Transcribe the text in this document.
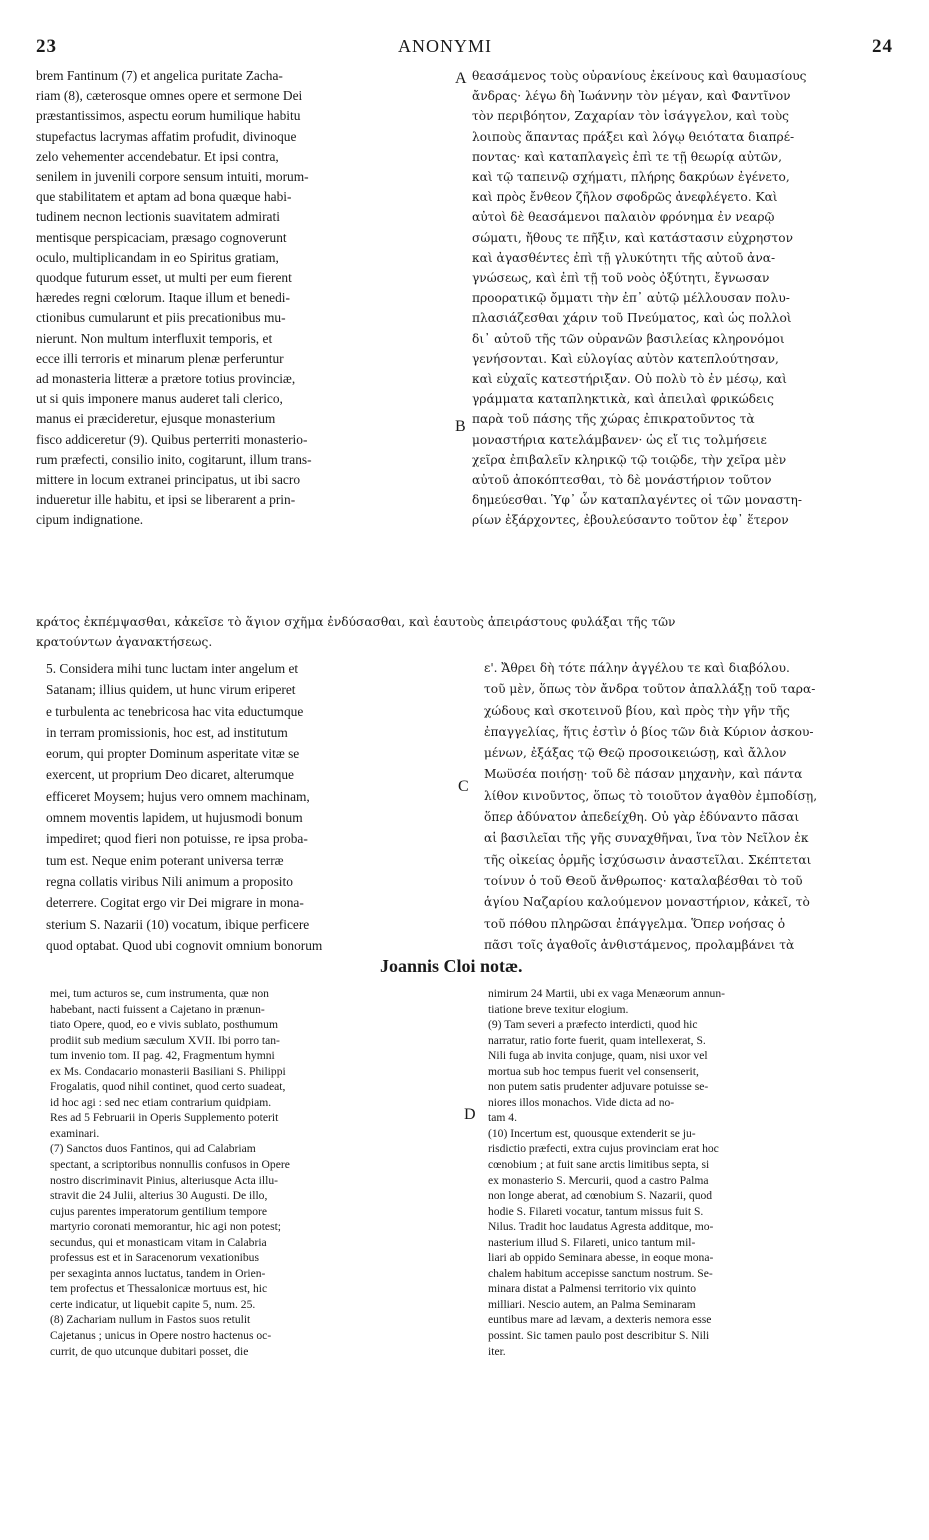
23	ANONYMI	24
A
B
C
D
brem Fantinum (7) et angelica puritate Zacha-
riam (8), cæterosque omnes opere et sermone Dei
præstantissimos, aspectu eorum humilique habitu
stupefactus lacrymas affatim profudit, divinoque
zelo vehementer accendebatur. Et ipsi contra,
senilem in juvenili corpore sensum intuiti, morum-
que stabilitatem et aptam ad bona quæque habi-
tudinem necnon lectionis suavitatem admirati
mentisque perspicaciam, præsago cognoverunt
oculo, multiplicandam in eo Spiritus gratiam,
quodque futurum esset, ut multi per eum fierent
hæredes regni cœlorum. Itaque illum et benedi-
ctionibus cumularunt et piis precationibus mu-
nierunt. Non multum interfluxit temporis, et
ecce illi terroris et minarum plenæ perferuntur
ad monasteria litteræ a prætore totius provinciæ,
ut si quis imponere manus auderet tali clerico,
manus ei præcideretur, ejusque monasterium
fisco addiceretur (9). Quibus perterriti monasterio-
rum præfecti, consilio inito, cogitarunt, illum trans-
mittere in locum extranei principatus, ut ibi sacro
indueretur ille habitu, et ipsi se liberarent a prin-
cipum indignatione.
θεασάμενος τοὺς οὐρανίους ἐκείνους καὶ θαυμασίους
ἄνδρας· λέγω δὴ Ἰωάννην τὸν μέγαν, καὶ Φαντῖνον
τὸν περιβόητον, Ζαχαρίαν τὸν ἰσάγγελον, καὶ τοὺς
λοιποὺς ἅπαντας πράξει καὶ λόγῳ θειότατα διαπρέ-
ποντας· καὶ καταπλαγεὶς ἐπὶ τε τῇ θεωρίᾳ αὐτῶν,
καὶ τῷ ταπεινῷ σχήματι, πλήρης δακρύων ἐγένετο,
καὶ πρὸς ἔνθεον ζῆλον σφοδρῶς ἀνεφλέγετο. Καὶ
αὐτοὶ δὲ θεασάμενοι παλαιὸν φρόνημα ἐν νεαρῷ
σώματι, ἤθους τε πῆξιν, καὶ κατάστασιν εὐχρηστον
καὶ ἀγασθέντες ἐπὶ τῇ γλυκύτητι τῆς αὐτοῦ ἀνα-
γνώσεως, καὶ ἐπὶ τῇ τοῦ νοὸς ὀξύτητι, ἔγνωσαν
προορατικῷ ὄμματι τὴν ἐπ᾽ αὐτῷ μέλλουσαν πολυ-
πλασιάζεσθαι χάριν τοῦ Πνεύματος, καὶ ὡς πολλοὶ
δι᾽ αὐτοῦ τῆς τῶν οὐρανῶν βασιλείας κληρονόμοι
γενήσονται. Καὶ εὐλογίας αὐτὸν κατεπλούτησαν,
καὶ εὐχαῖς κατεστήριξαν. Οὐ πολὺ τὸ ἐν μέσῳ, καὶ
γράμματα καταπληκτικὰ, καὶ ἀπειλαὶ φρικώδεις
παρὰ τοῦ πάσης τῆς χώρας ἐπικρατοῦντος τὰ
μοναστήρια κατελάμβανεν· ὡς εἴ τις τολμήσειε
χεῖρα ἐπιβαλεῖν κληρικῷ τῷ τοιῷδε, τὴν χεῖρα μὲν
αὐτοῦ ἀποκόπτεσθαι, τὸ δὲ μονάστήριον τοῦτον
δημεύεσθαι. Ὑφ᾽ ὧν καταπλαγέντες οἱ τῶν μοναστη-
ρίων ἐξάρχοντες, ἐβουλεύσαντο τοῦτον ἐφ᾽ ἕτερον
κράτος ἐκπέμψασθαι, κἀκεῖσε τὸ ἅγιον σχῆμα ἐνδύσασθαι, καὶ ἑαυτοὺς ἀπειράστους φυλάξαι τῆς τῶν
κρατούντων ἀγανακτήσεως.
5. Considera mihi tunc luctam inter angelum et
Satanam; illius quidem, ut hunc virum eriperet
e turbulenta ac tenebricosa hac vita eductumque
in terram promissionis, hoc est, ad institutum
eorum, qui propter Dominum asperitate vitæ se
exercent, ut proprium Deo dicaret, alterumque
efficeret Moysem; hujus vero omnem machinam,
omnem moventis lapidem, ut hujusmodi bonum
impediret; quod fieri non potuisse, re ipsa proba-
tum est. Neque enim poterant universa terræ
regna collatis viribus Nili animum a proposito
deterrere. Cogitat ergo vir Dei migrare in mona-
sterium S. Nazarii (10) vocatum, ibique perficere
quod optabat. Quod ubi cognovit omnium bonorum
ε'. Ἄθρει δὴ τότε πάλην ἀγγέλου τε καὶ διαβόλου.
τοῦ μὲν, ὅπως τὸν ἄνδρα τοῦτον ἀπαλλάξῃ τοῦ τ​αρα-
χώδους καὶ σκοτεινοῦ βίου, καὶ πρὸς τὴν γῆν τῆς
ἐπαγγελίας, ἥτις ἐστὶν ὁ βίος τῶν διὰ Κύριον ἀσκου-
μένων, ἐξάξας τῷ Θεῷ προσοικειώσῃ, καὶ ἄλλον
Μωϋσέα ποιήσῃ· τοῦ δὲ πάσαν μηχανὴν, καὶ πάντα
λίθον κινοῦντος, ὅπως τὸ τοιοῦτον ἀγαθὸν ἐμποδίσῃ,
ὅπερ ἀδύνατον ἀπεδείχθη. Οὐ γὰρ ἐδύναντο πᾶσαι
αἱ βασιλεῖαι τῆς γῆς συναχθῆναι, ἵνα τὸν Νεῖλον ἐκ
τῆς οἰκείας ὁρμῆς ἰσχύσωσιν ἀναστεῖλαι. Σκέπτεται
τοίνυν ὁ τοῦ Θεοῦ ἄνθρωπος· καταλαβέσθαι τὸ τοῦ
ἁγίου Ναζαρίου καλούμενον μοναστήριον, κἀκεῖ, τὸ
τοῦ πόθου πληρῶσαι ἐπάγγελμα. Ὅπερ νοήσας ὁ
πᾶσι τοῖς ἀγαθοῖς ἀνθιστάμενος, προλαμβάνει τὰ
Joannis Cloi notæ.
mei, tum acturos se, cum instrumenta, quæ non
habebant, nacti fuissent a Cajetano in prænun-
tiato Opere, quod, eo e vivis sublato, posthumum
prodiit sub medium sæculum XVII. Ibi porro tan-
tum invenio tom. II pag. 42, Fragmentum hymni
ex Ms. Condacario monasterii Basiliani S. Philippi
Frogalatis, quod nihil continet, quod certo suadeat,
id hoc agi : sed nec etiam contrarium quidpiam.
Res ad 5 Februarii in Operis Supplemento poterit
examinari.
(7) Sanctos duos Fantinos, qui ad Calabriam
spectant, a scriptoribus nonnullis confusos in Opere
nostro discriminavit Pinius, alteriusque Acta illu-
stravit die 24 Julii, alterius 30 Augusti. De illo,
cujus parentes imperatorum gentilium tempore
martyrio coronati memorantur, hic agi non potest;
secundus, qui et monasticam vitam in Calabria
professus est et in Saracenorum vexationibus
per sexaginta annos luctatus, tandem in Orien-
tem profectus et Thessalonicæ mortuus est, hic
certe indicatur, ut liquebit capite 5, num. 25.
(8) Zachariam nullum in Fastos suos retulit
Cajetanus ; unicus in Opere nostro hactenus oc-
currit, de quo utcunque dubitari posset, die
nimirum 24 Martii, ubi ex vaga Menæorum annun-
tiatione breve texitur elogium.
(9) Tam severi a præfecto interdicti, quod hic
narratur, ratio forte fuerit, quam intellexerat, S.
Nili fuga ab invita conjuge, quam, nisi uxor vel
mortua sub hoc tempus fuerit vel consenserit,
non putem satis prudenter adjuvare potuisse se-
niores illos monachos. Vide dicta ad no-
tam 4.
(10) Incertum est, quousque extenderit se ju-
risdictio præfecti, extra cujus provinciam erat hoc
cœnobium ; at fuit sane arctis limitibus septa, si
ex monasterio S. Mercurii, quod a castro Palma
non longe aberat, ad cœnobium S. Nazarii, quod
hodie S. Filareti vocatur, tantum missus fuit S.
Nilus. Tradit hoc laudatus Agresta additque, mo-
nasterium illud S. Filareti, unico tantum mil-
liari ab oppido Seminara abesse, in eoque mona-
chalem habitum accepisse sanctum nostrum. Se-
minara distat a Palmensi territorio vix quinto
milliari. Nescio autem, an Palma Seminaram
euntibus mare ad lævam, a dexteris nemora esse
possint. Sic tamen paulo post describitur S. Nili
iter.
